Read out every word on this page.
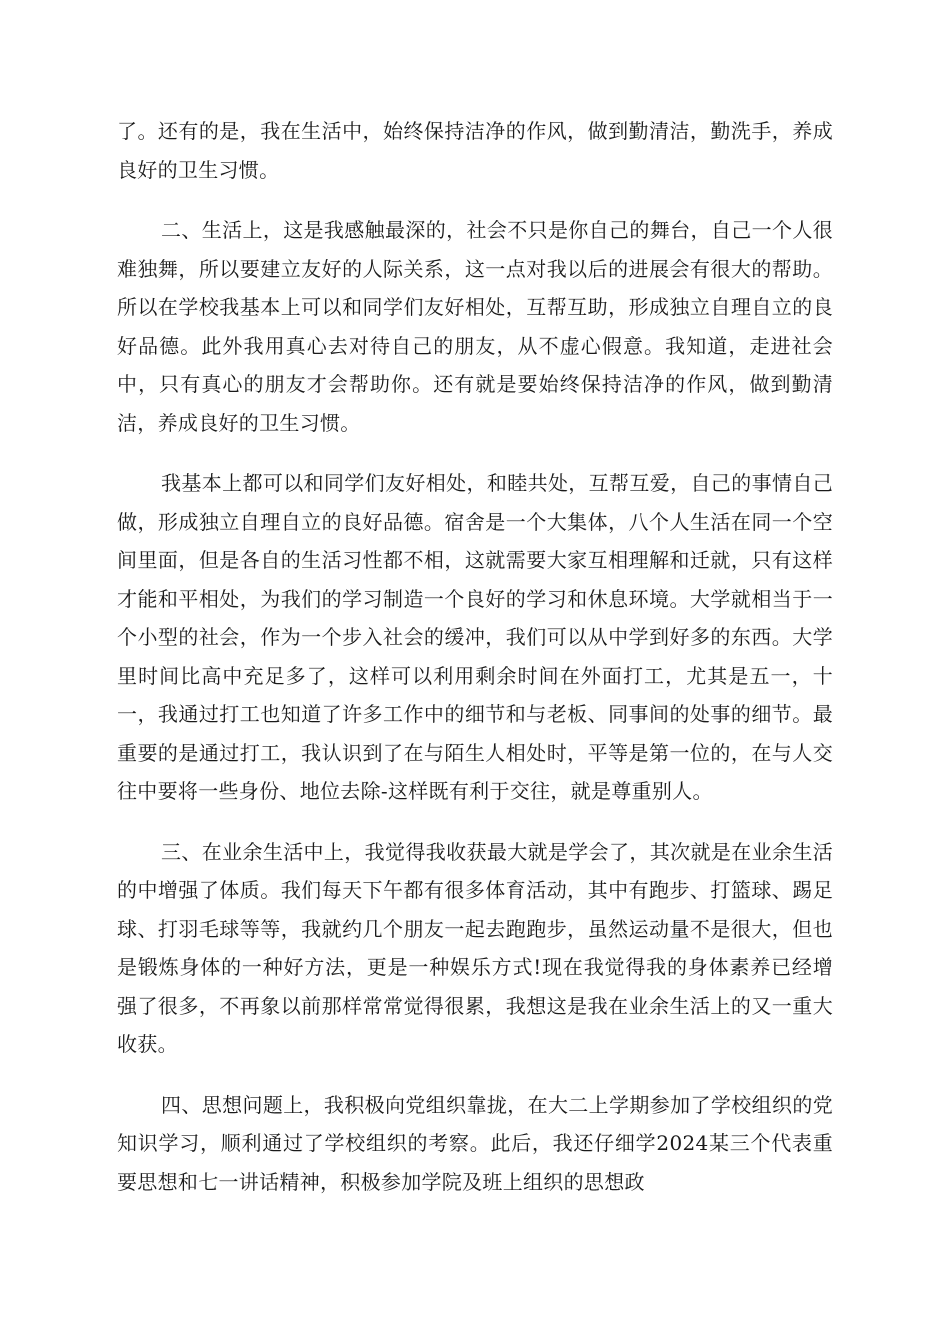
了。还有的是，我在生活中，始终保持洁净的作风，做到勤清洁，勤洗手，养成良好的卫生习惯。

二、生活上，这是我感触最深的，社会不只是你自己的舞台，自己一个人很难独舞，所以要建立友好的人际关系，这一点对我以后的进展会有很大的帮助。所以在学校我基本上可以和同学们友好相处，互帮互助，形成独立自理自立的良好品德。此外我用真心去对待自己的朋友，从不虚心假意。我知道，走进社会中，只有真心的朋友才会帮助你。还有就是要始终保持洁净的作风，做到勤清洁，养成良好的卫生习惯。

我基本上都可以和同学们友好相处，和睦共处，互帮互爱，自己的事情自己做，形成独立自理自立的良好品德。宿舍是一个大集体，八个人生活在同一个空间里面，但是各自的生活习性都不相，这就需要大家互相理解和迁就，只有这样才能和平相处，为我们的学习制造一个良好的学习和休息环境。大学就相当于一个小型的社会，作为一个步入社会的缓冲，我们可以从中学到好多的东西。大学里时间比高中充足多了，这样可以利用剩余时间在外面打工，尤其是五一，十一，我通过打工也知道了许多工作中的细节和与老板、同事间的处事的细节。最重要的是通过打工，我认识到了在与陌生人相处时，平等是第一位的，在与人交往中要将一些身份、地位去除-这样既有利于交往，就是尊重别人。

三、在业余生活中上，我觉得我收获最大就是学会了，其次就是在业余生活的中增强了体质。我们每天下午都有很多体育活动，其中有跑步、打篮球、踢足球、打羽毛球等等，我就约几个朋友一起去跑跑步，虽然运动量不是很大，但也是锻炼身体的一种好方法，更是一种娱乐方式!现在我觉得我的身体素养已经增强了很多，不再象以前那样常常觉得很累，我想这是我在业余生活上的又一重大收获。

四、思想问题上，我积极向党组织靠拢，在大二上学期参加了学校组织的党知识学习，顺利通过了学校组织的考察。此后，我还仔细学2024某三个代表重要思想和七一讲话精神，积极参加学院及班上组织的思想政
